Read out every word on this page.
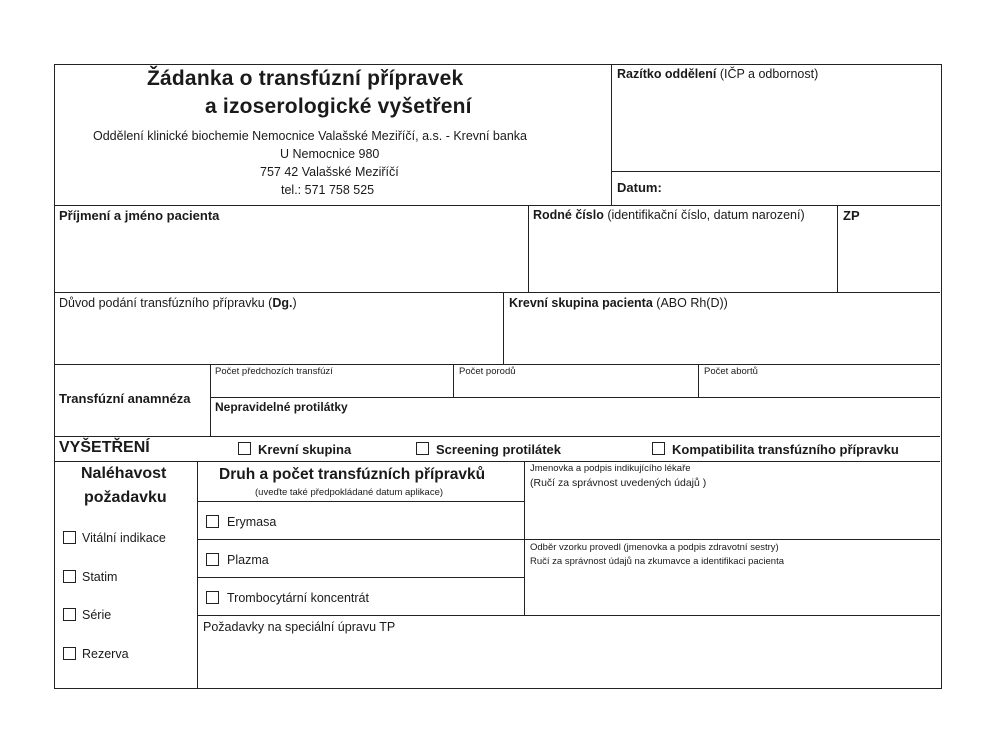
Žádanka o transfúzní přípravek
a izoserologické vyšetření
Oddělení klinické biochemie Nemocnice Valašské Meziříčí, a.s. - Krevní banka
U Nemocnice 980
757 42 Valašské Meziříčí
tel.: 571 758 525
Razítko oddělení (IČP a odbornost)
Datum:
Příjmení a jméno pacienta	Rodné číslo (identifikační číslo, datum narození)	ZP
Důvod podání transfúzního přípravku (Dg.)	Krevní skupina pacienta (ABO Rh(D))
Transfúzní anamnéza
Počet předchozích transfúzí	Počet porodů	Počet abortů
Nepravidelné protilátky
VYŠETŘENÍ	Krevní skupina	Screening protilátek	Kompatibilita transfúzního přípravku
Naléhavost
požadavku
Vitální indikace
Statim
Série
Rezerva
Druh a počet transfúzních přípravků
(uveďte také předpokládané datum aplikace)
Erymasa
Plazma
Trombocytární koncentrát
Požadavky na speciální úpravu TP
Jmenovka a podpis indikujícího lékaře
(Ručí za správnost uvedených údajů )
Odběr vzorku provedl (jmenovka a podpis zdravotní sestry)
Ručí za správnost údajů na zkumavce a identifikaci pacienta
